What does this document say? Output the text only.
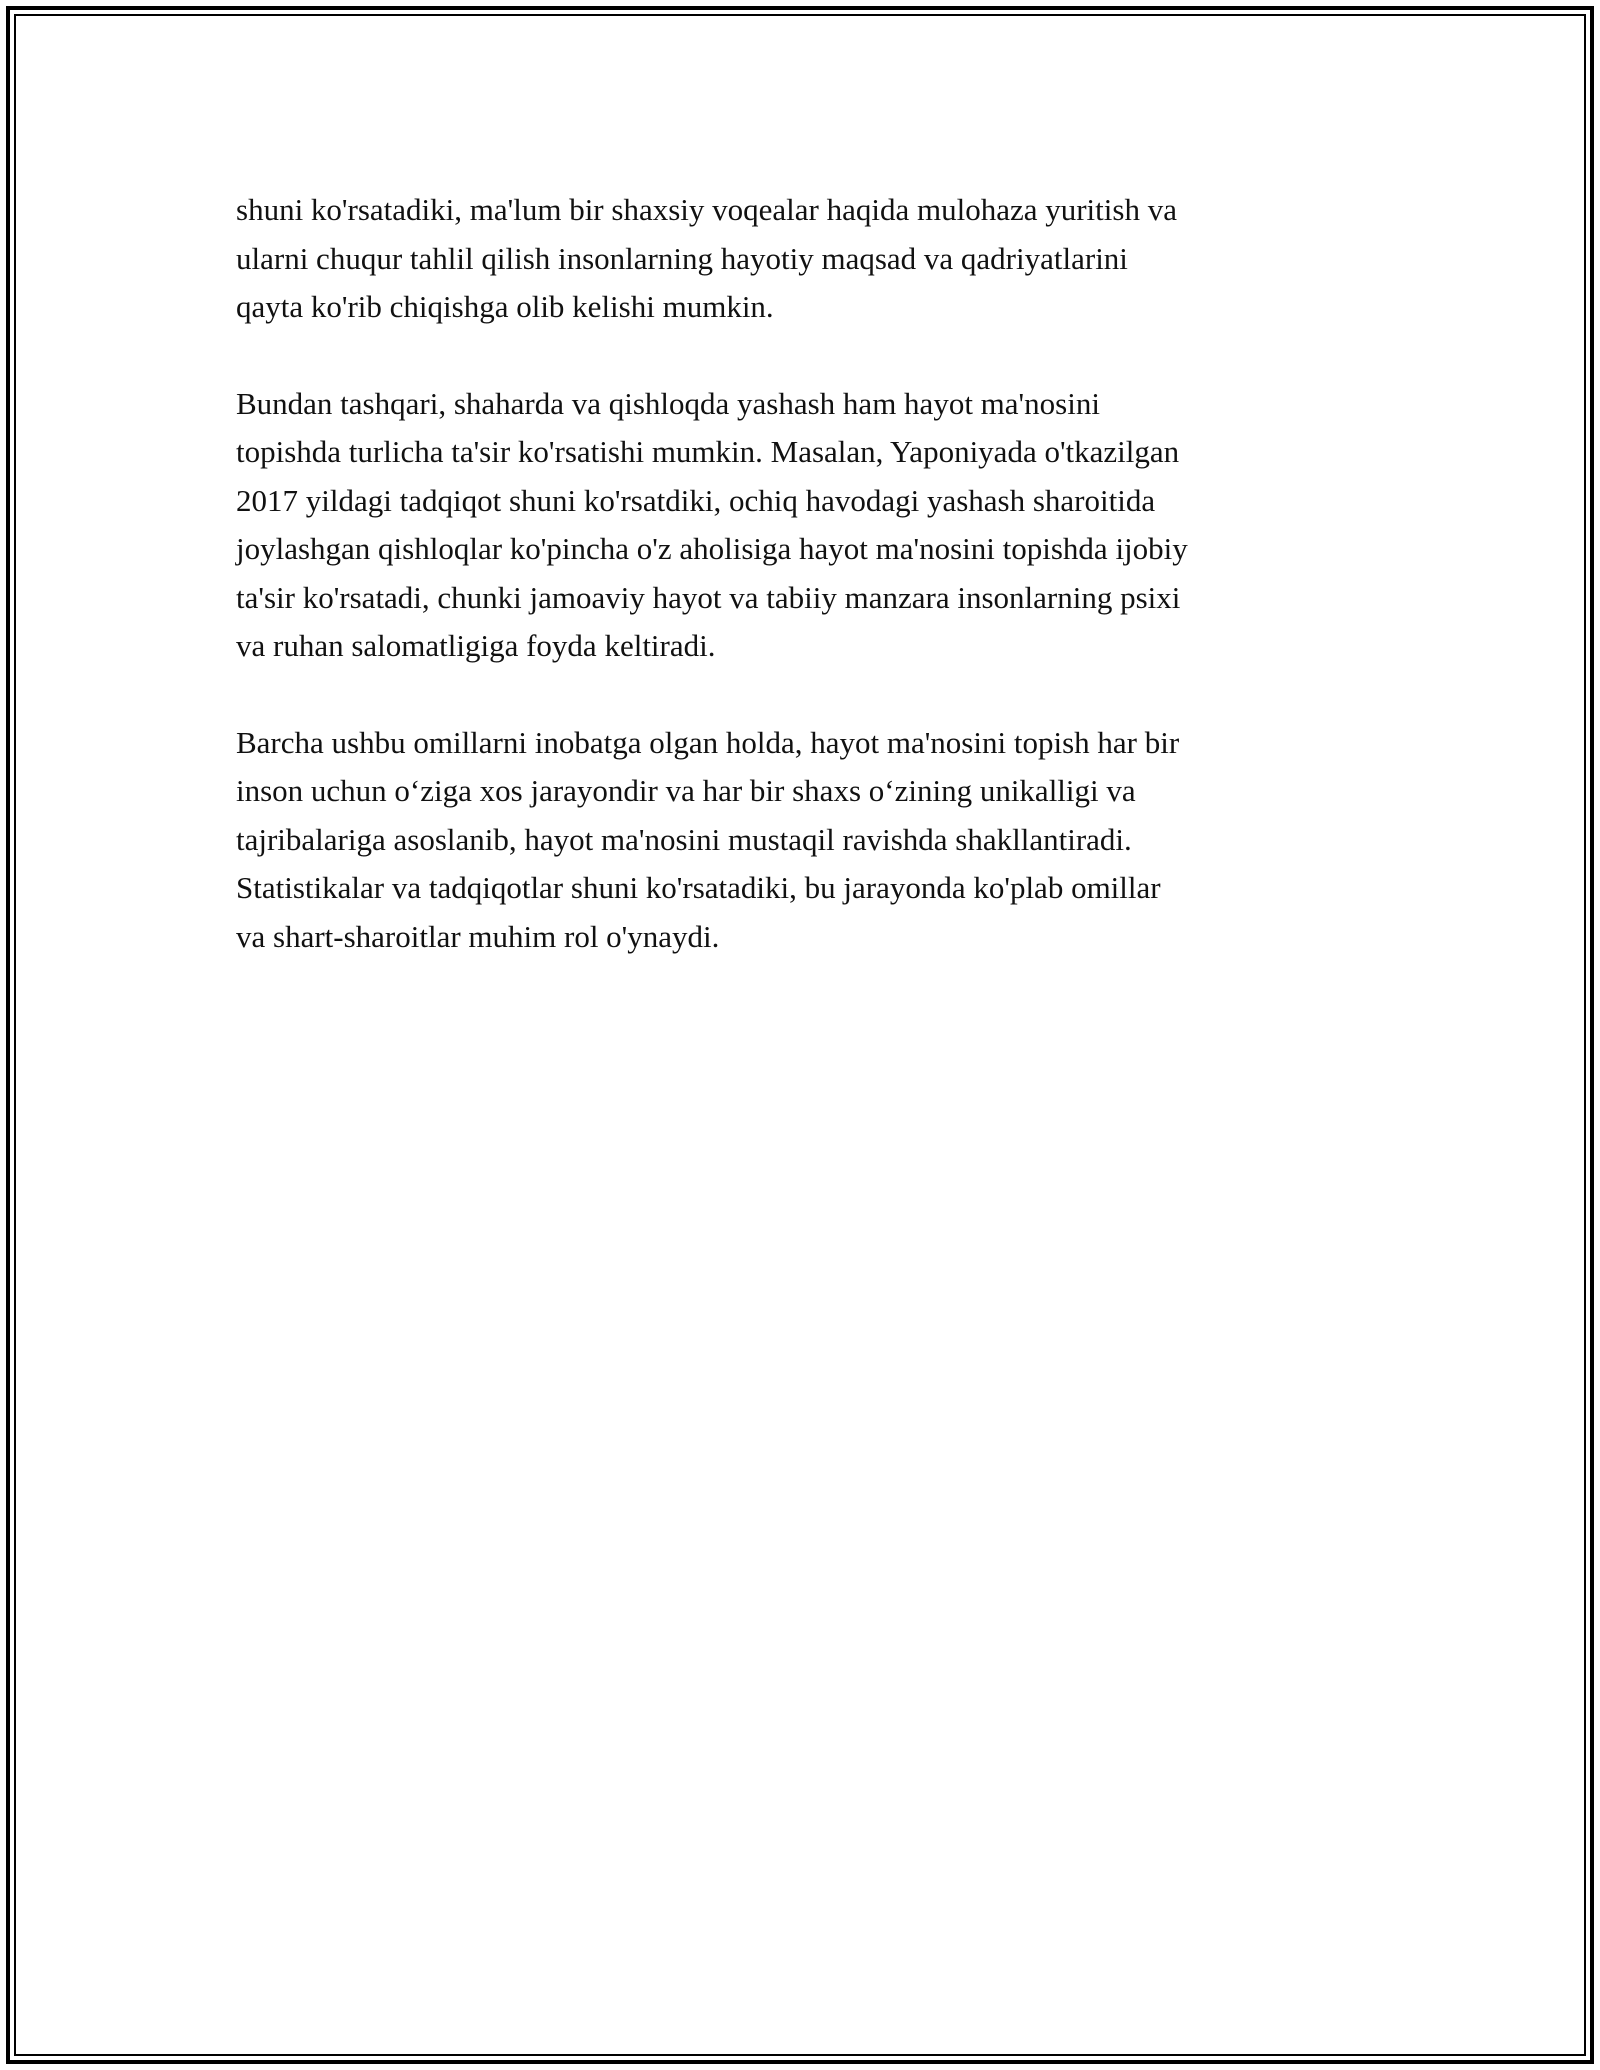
shuni ko'rsatadiki, ma'lum bir shaxsiy voqealar haqida mulohaza yuritish va
ularni chuqur tahlil qilish insonlarning hayotiy maqsad va qadriyatlarini
qayta ko'rib chiqishga olib kelishi mumkin.

Bundan tashqari, shaharda va qishloqda yashash ham hayot ma'nosini
topishda turlicha ta'sir ko'rsatishi mumkin. Masalan, Yaponiyada o'tkazilgan
2017 yildagi tadqiqot shuni ko'rsatdiki, ochiq havodagi yashash sharoitida
joylashgan qishloqlar ko'pincha o'z aholisiga hayot ma'nosini topishda ijobiy
ta'sir ko'rsatadi, chunki jamoaviy hayot va tabiiy manzara insonlarning psixi
va ruhan salomatligiga foyda keltiradi.

Barcha ushbu omillarni inobatga olgan holda, hayot ma'nosini topish har bir
inson uchun o‘ziga xos jarayondir va har bir shaxs o‘zining unikalligi va
tajribalariga asoslanib, hayot ma'nosini mustaqil ravishda shakllantiradi.
Statistikalar va tadqiqotlar shuni ko'rsatadiki, bu jarayonda ko'plab omillar
va shart-sharoitlar muhim rol o'ynaydi.
